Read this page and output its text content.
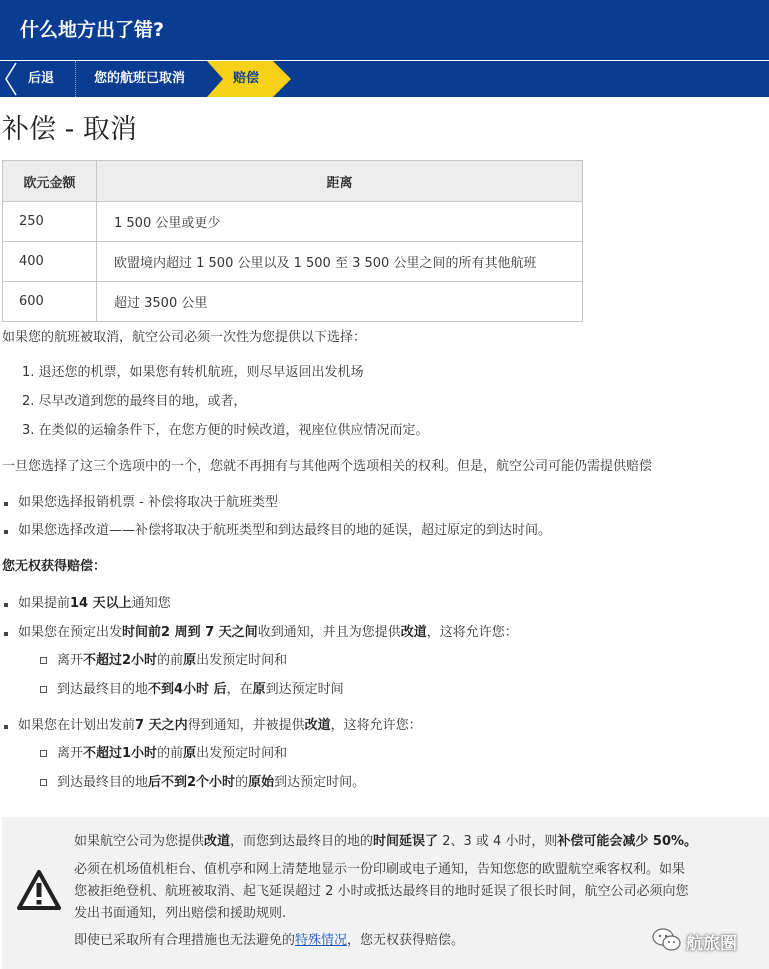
什么地方出了错?
后退	您的航班已取消	赔偿
补偿 - 取消
欧元金额	距离
250	1 500 公里或更少
400	欧盟境内超过 1 500 公里以及 1 500 至 3 500 公里之间的所有其他航班
600	超过 3500 公里
如果您的航班被取消，航空公司必须一次性为您提供以下选择：
1. 退还您的机票，如果您有转机航班，则尽早返回出发机场
2. 尽早改道到您的最终目的地，或者，
3. 在类似的运输条件下，在您方便的时候改道，视座位供应情况而定。
一旦您选择了这三个选项中的一个，您就不再拥有与其他两个选项相关的权利。但是，航空公司可能仍需提供赔偿
如果您选择报销机票 - 补偿将取决于航班类型
如果您选择改道——补偿将取决于航班类型和到达最终目的地的延误，超过原定的到达时间。
您无权获得赔偿：
如果提前14 天以上通知您
如果您在预定出发时间前2 周到 7 天之间收到通知，并且为您提供改道，这将允许您：
离开不超过2小时的前原出发预定时间和
到达最终目的地不到4小时 后，在原到达预定时间
如果您在计划出发前7 天之内得到通知，并被提供改道，这将允许您：
离开不超过1小时的前原出发预定时间和
到达最终目的地后不到2个小时的原始到达预定时间。
如果航空公司为您提供改道，而您到达最终目的地的时间延误了 2、3 或 4 小时，则补偿可能会减少 50%。
必须在机场值机柜台、值机亭和网上清楚地显示一份印刷或电子通知，告知您您的欧盟航空乘客权利。如果
您被拒绝登机、航班被取消、起飞延误超过 2 小时或抵达最终目的地时延误了很长时间，航空公司必须向您
发出书面通知，列出赔偿和援助规则.
即使已采取所有合理措施也无法避免的特殊情况，您无权获得赔偿。	航旅圈
